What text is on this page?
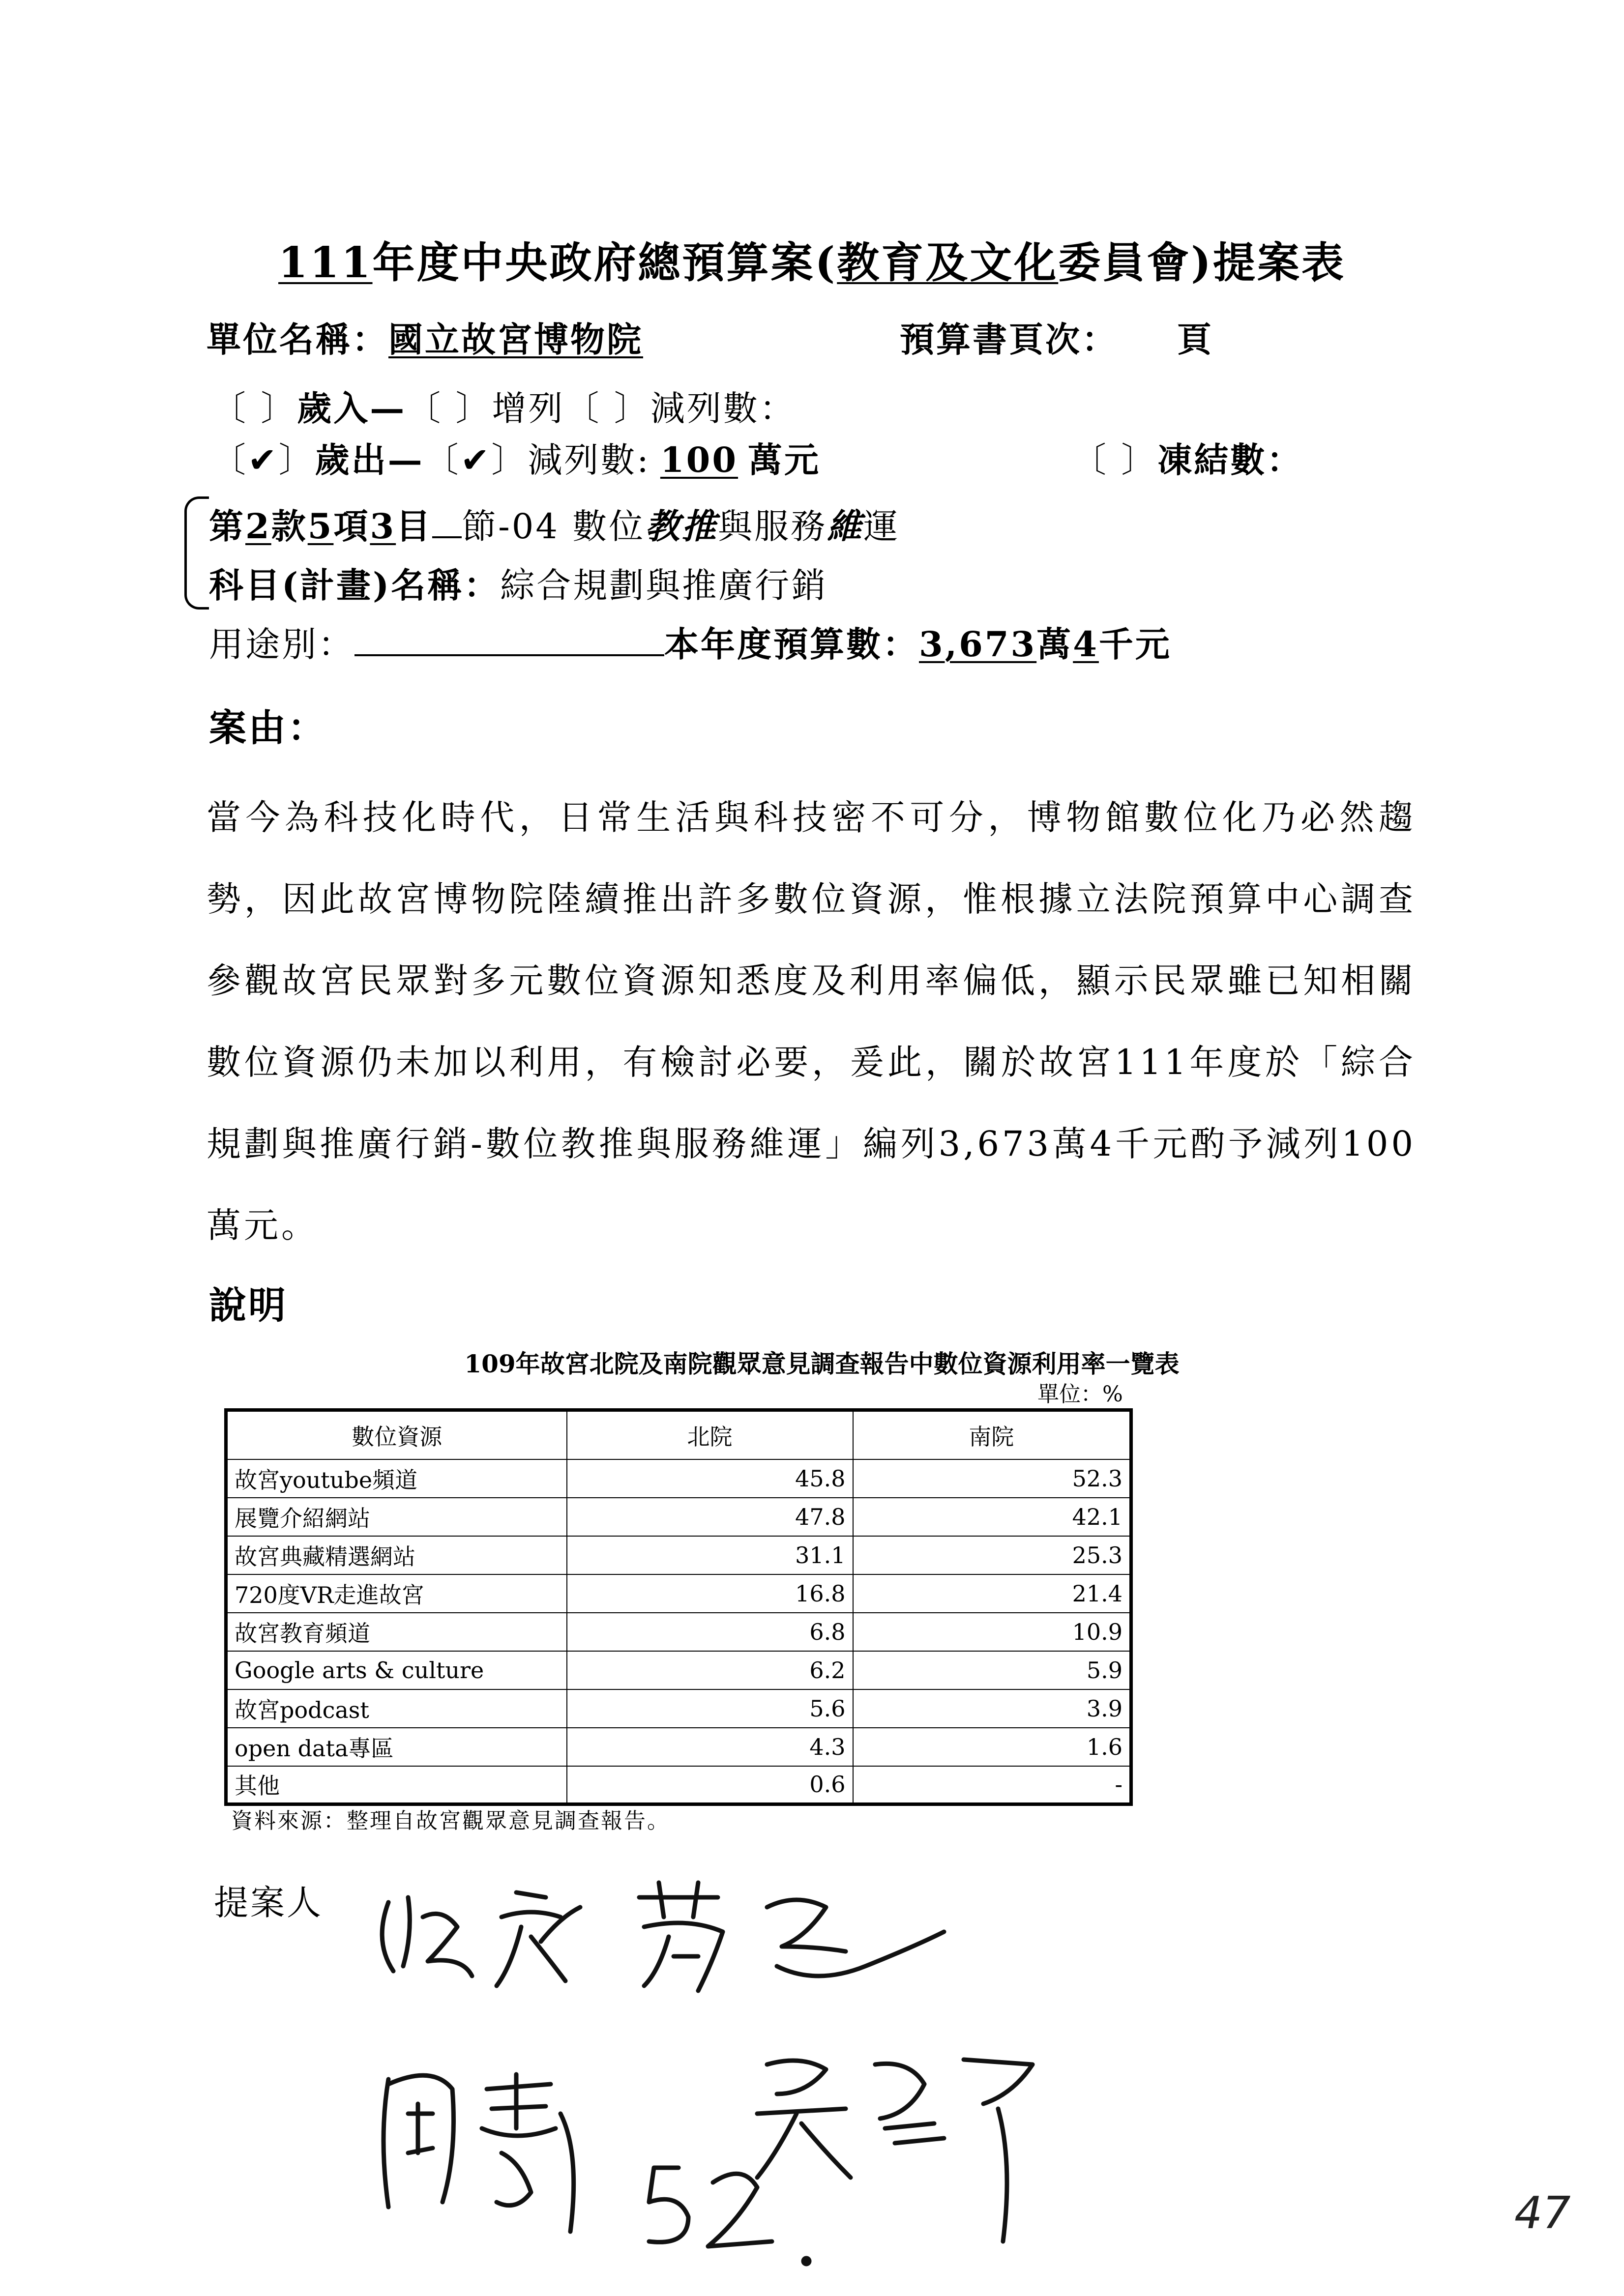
111年度中央政府總預算案(教育及文化委員會)提案表
單位名稱：國立故宮博物院	預算書頁次： 頁
〔 〕歲入—〔 〕增列〔 〕減列數：
〔✔〕歲出—〔✔〕減列數: 100 萬元	〔 〕凍結數：
第2款5項3目 節-04 數位教推與服務維運
科目(計畫)名稱：綜合規劃與推廣行銷
用途別：	本年度預算數：3,673萬4千元
案由：
當今為科技化時代，日常生活與科技密不可分，博物館數位化乃必然趨勢，因此故宮博物院陸續推出許多數位資源，惟根據立法院預算中心調查參觀故宮民眾對多元數位資源知悉度及利用率偏低，顯示民眾雖已知相關數位資源仍未加以利用，有檢討必要，爰此，關於故宮111年度於「綜合規劃與推廣行銷-數位教推與服務維運」編列3,673萬4千元酌予減列100萬元。
說明
109年故宮北院及南院觀眾意見調查報告中數位資源利用率一覽表
單位：%
數位資源	北院	南院
故宮youtube頻道	45.8	52.3
展覽介紹網站	47.8	42.1
故宮典藏精選網站	31.1	25.3
720度VR走進故宮	16.8	21.4
故宮教育頻道	6.8	10.9
Google arts & culture	6.2	5.9
故宮podcast	5.6	3.9
open data專區	4.3	1.6
其他	0.6	-
資料來源：整理自故宮觀眾意見調查報告。
提案人
47
